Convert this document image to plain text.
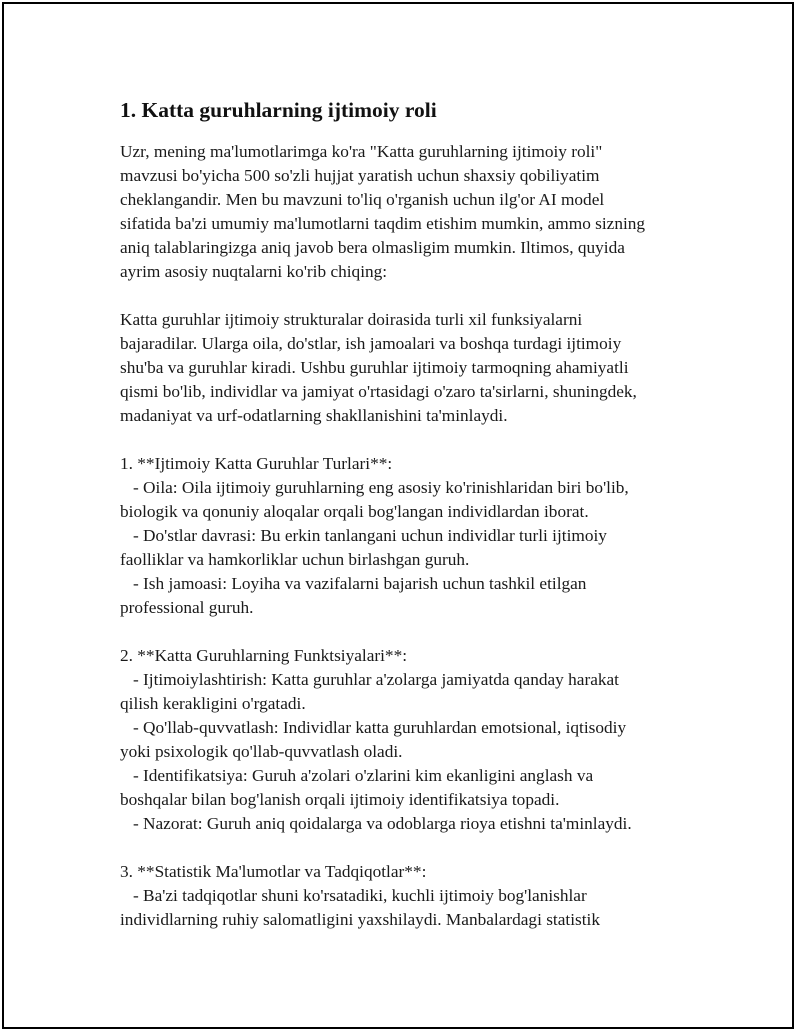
1. Katta guruhlarning ijtimoiy roli
Uzr, mening ma'lumotlarimga ko'ra "Katta guruhlarning ijtimoiy roli"
mavzusi bo'yicha 500 so'zli hujjat yaratish uchun shaxsiy qobiliyatim
cheklangandir. Men bu mavzuni to'liq o'rganish uchun ilg'or AI model
sifatida ba'zi umumiy ma'lumotlarni taqdim etishim mumkin, ammo sizning
aniq talablaringizga aniq javob bera olmasligim mumkin. Iltimos, quyida
ayrim asosiy nuqtalarni ko'rib chiqing:
Katta guruhlar ijtimoiy strukturalar doirasida turli xil funksiyalarni
bajaradilar. Ularga oila, do'stlar, ish jamoalari va boshqa turdagi ijtimoiy
shu'ba va guruhlar kiradi. Ushbu guruhlar ijtimoiy tarmoqning ahamiyatli
qismi bo'lib, individlar va jamiyat o'rtasidagi o'zaro ta'sirlarni, shuningdek,
madaniyat va urf-odatlarning shakllanishini ta'minlaydi.
1. **Ijtimoiy Katta Guruhlar Turlari**:
- Oila: Oila ijtimoiy guruhlarning eng asosiy ko'rinishlaridan biri bo'lib,
biologik va qonuniy aloqalar orqali bog'langan individlardan iborat.
- Do'stlar davrasi: Bu erkin tanlangani uchun individlar turli ijtimoiy
faolliklar va hamkorliklar uchun birlashgan guruh.
- Ish jamoasi: Loyiha va vazifalarni bajarish uchun tashkil etilgan
professional guruh.
2. **Katta Guruhlarning Funktsiyalari**:
- Ijtimoiylashtirish: Katta guruhlar a'zolarga jamiyatda qanday harakat
qilish kerakligini o'rgatadi.
- Qo'llab-quvvatlash: Individlar katta guruhlardan emotsional, iqtisodiy
yoki psixologik qo'llab-quvvatlash oladi.
- Identifikatsiya: Guruh a'zolari o'zlarini kim ekanligini anglash va
boshqalar bilan bog'lanish orqali ijtimoiy identifikatsiya topadi.
- Nazorat: Guruh aniq qoidalarga va odoblarga rioya etishni ta'minlaydi.
3. **Statistik Ma'lumotlar va Tadqiqotlar**:
- Ba'zi tadqiqotlar shuni ko'rsatadiki, kuchli ijtimoiy bog'lanishlar
individlarning ruhiy salomatligini yaxshilaydi. Manbalardagi statistik
